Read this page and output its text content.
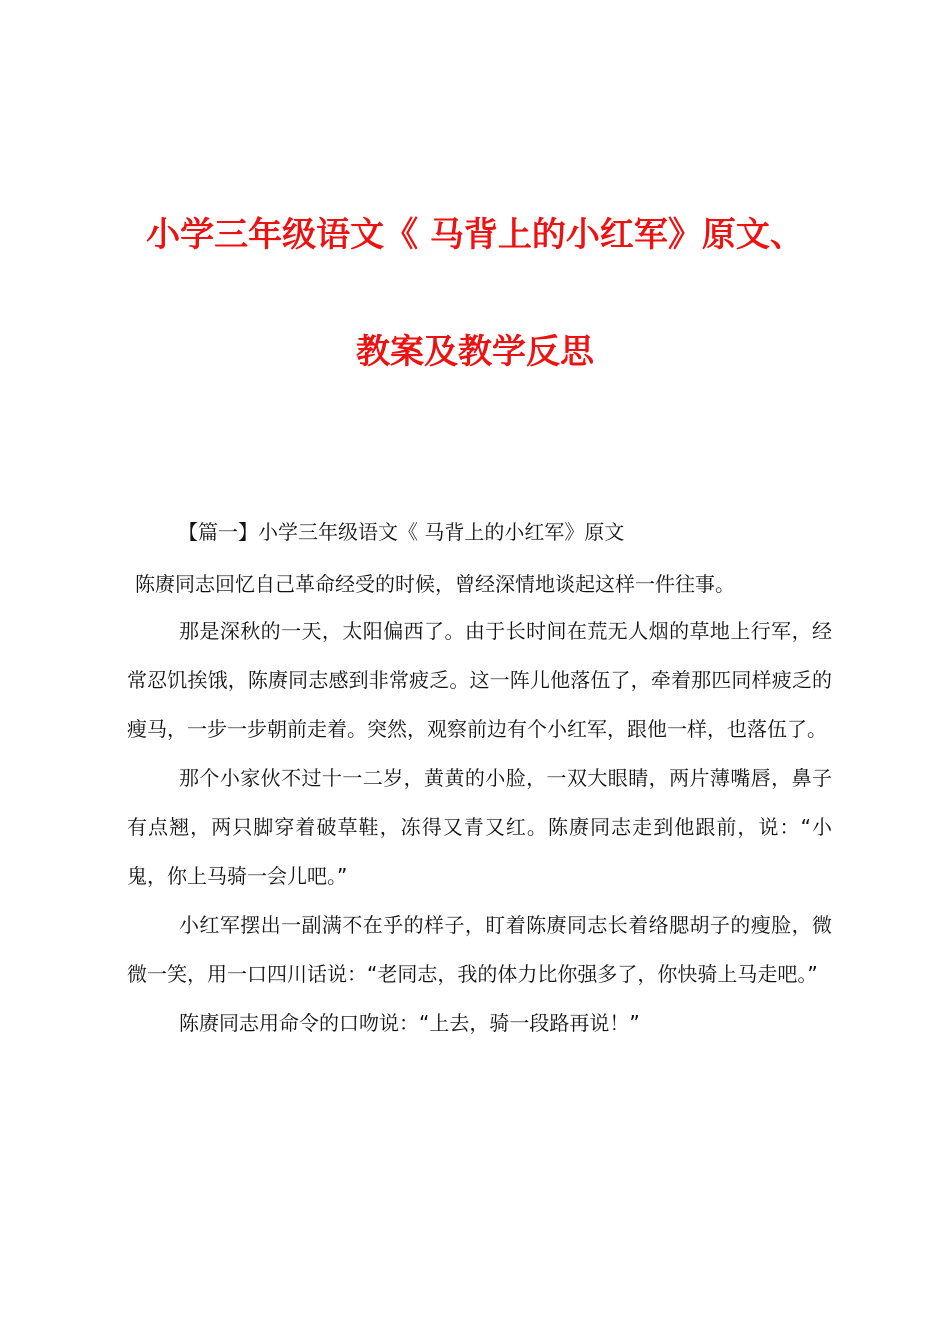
小学三年级语文《 马背上的小红军》原文、
教案及教学反思

【篇一】小学三年级语文《 马背上的小红军》原文

陈赓同志回忆自己革命经受的时候，曾经深情地谈起这样一件往事。

那是深秋的一天，太阳偏西了。由于长时间在荒无人烟的草地上行军，经常忍饥挨饿，陈赓同志感到非常疲乏。这一阵儿他落伍了，牵着那匹同样疲乏的瘦马，一步一步朝前走着。突然，观察前边有个小红军，跟他一样，也落伍了。

那个小家伙不过十一二岁，黄黄的小脸，一双大眼睛，两片薄嘴唇，鼻子有点翘，两只脚穿着破草鞋，冻得又青又红。陈赓同志走到他跟前，说：“小鬼，你上马骑一会儿吧。”

小红军摆出一副满不在乎的样子，盯着陈赓同志长着络腮胡子的瘦脸，微微一笑，用一口四川话说：“老同志，我的体力比你强多了，你快骑上马走吧。”

陈赓同志用命令的口吻说：“上去，骑一段路再说！”
